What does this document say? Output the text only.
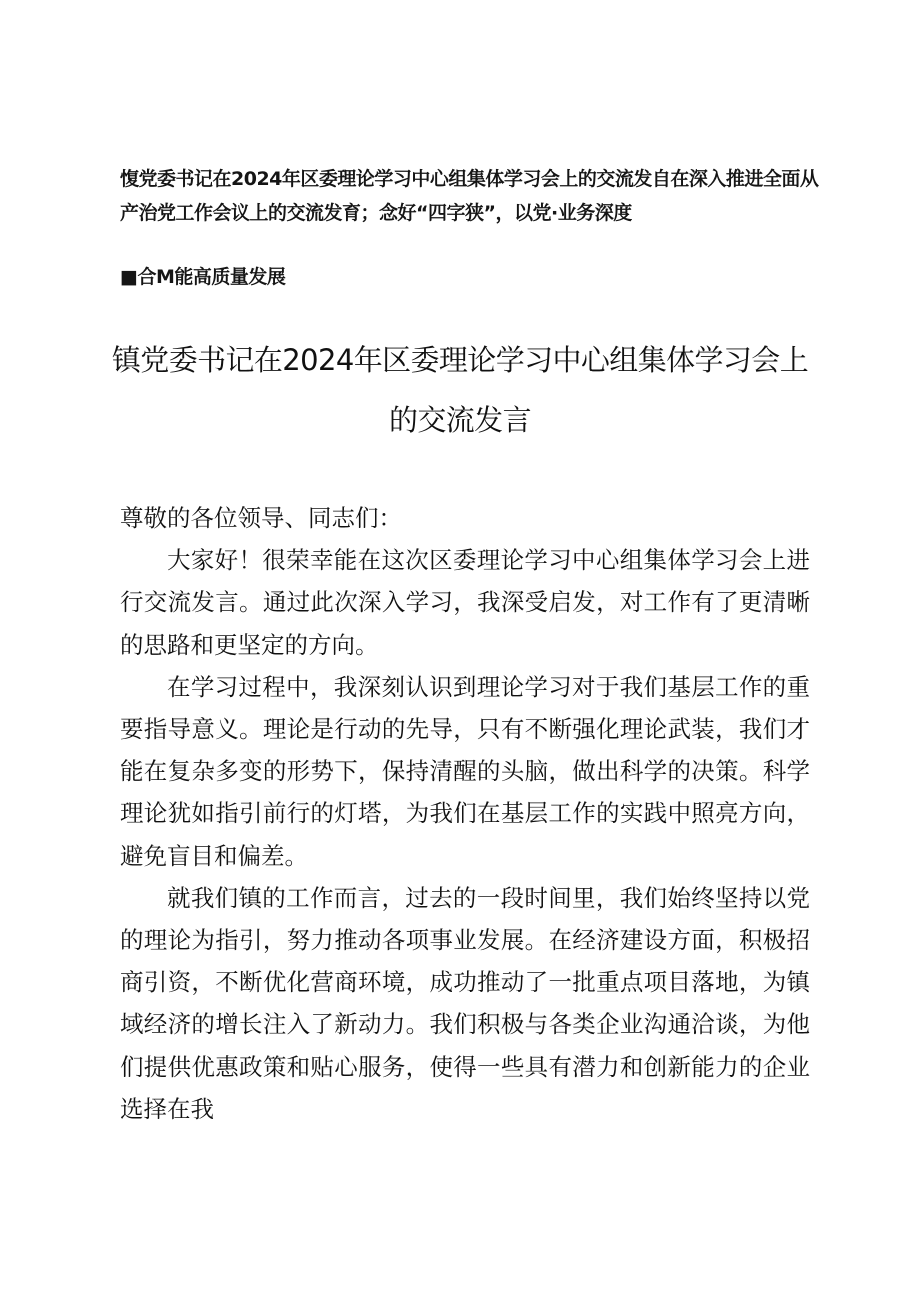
愎党委书记在2024年区委理论学习中心组集体学习会上的交流发自在深入推进全面从
产治党工作会议上的交流发育；念好“四字狭”，以党·业务深度
■合M能高质量发展
镇党委书记在2024年区委理论学习中心组集体学习会上
的交流发言

尊敬的各位领导、同志们：

大家好！很荣幸能在这次区委理论学习中心组集体学习会上进行交流发言。通过此次深入学习，我深受启发，对工作有了更清晰的思路和更坚定的方向。

在学习过程中，我深刻认识到理论学习对于我们基层工作的重要指导意义。理论是行动的先导，只有不断强化理论武装，我们才能在复杂多变的形势下，保持清醒的头脑，做出科学的决策。科学理论犹如指引前行的灯塔，为我们在基层工作的实践中照亮方向，避免盲目和偏差。

就我们镇的工作而言，过去的一段时间里，我们始终坚持以党的理论为指引，努力推动各项事业发展。在经济建设方面，积极招商引资，不断优化营商环境，成功推动了一批重点项目落地，为镇域经济的增长注入了新动力。我们积极与各类企业沟通洽谈，为他们提供优惠政策和贴心服务，使得一些具有潜力和创新能力的企业选择在我
